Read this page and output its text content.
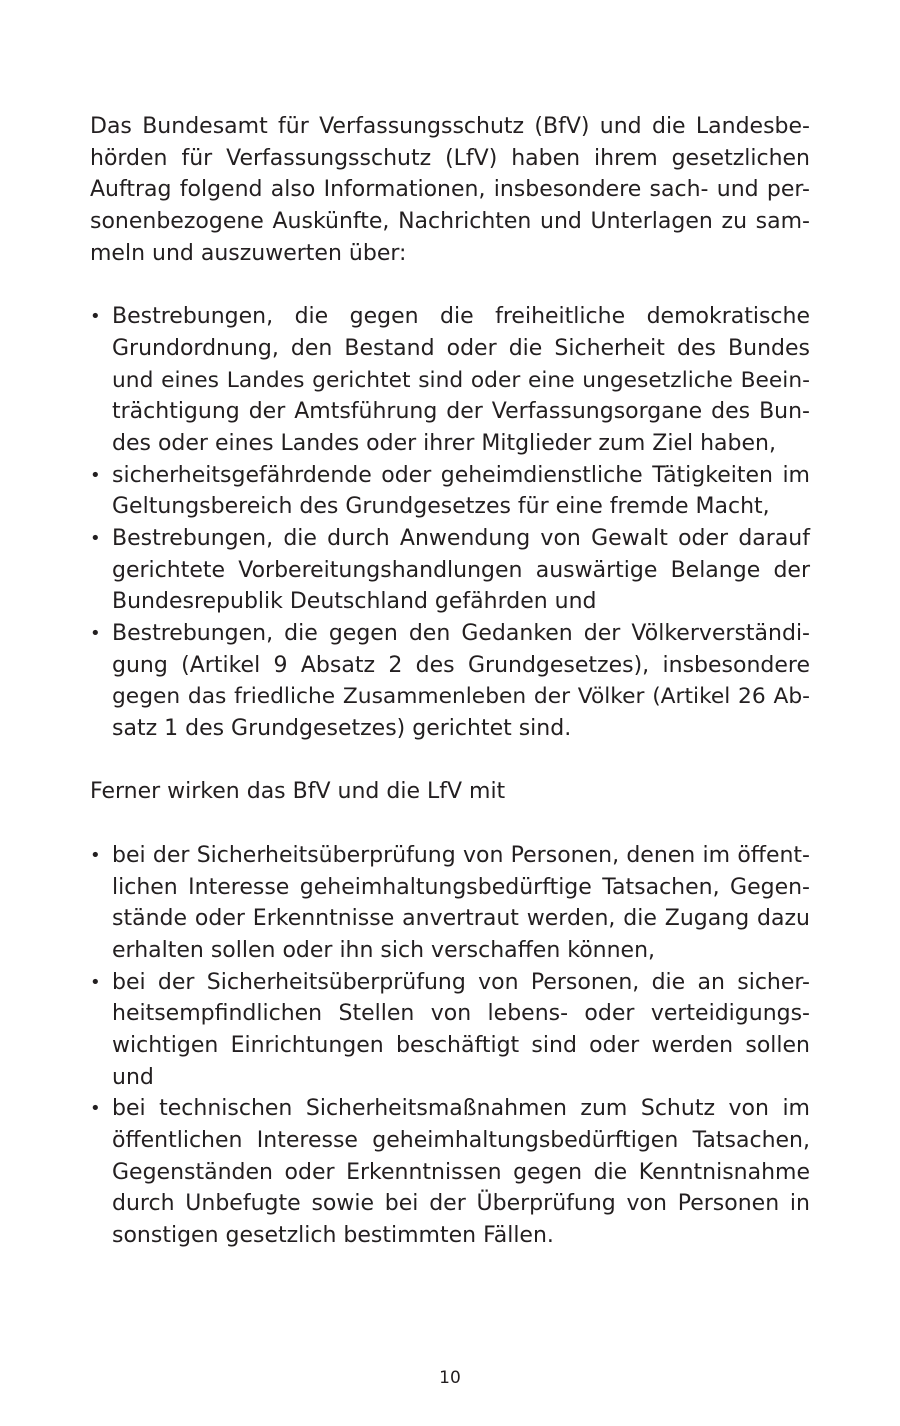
Das Bundesamt für Verfassungsschutz (BfV) und die Landesbe-
hörden für Verfassungsschutz (LfV) haben ihrem gesetzlichen
Auftrag folgend also Informationen, insbesondere sach- und per-
sonenbezogene Auskünfte, Nachrichten und Unterlagen zu sam-
meln und auszuwerten über:
• Bestrebungen, die gegen die freiheitliche demokratische
Grundordnung, den Bestand oder die Sicherheit des Bundes
und eines Landes gerichtet sind oder eine ungesetzliche Beein-
trächtigung der Amtsführung der Verfassungsorgane des Bun-
des oder eines Landes oder ihrer Mitglieder zum Ziel haben,
• sicherheitsgefährdende oder geheimdienstliche Tätigkeiten im
Geltungsbereich des Grundgesetzes für eine fremde Macht,
• Bestrebungen, die durch Anwendung von Gewalt oder darauf
gerichtete Vorbereitungshandlungen auswärtige Belange der
Bundesrepublik Deutschland gefährden und
• Bestrebungen, die gegen den Gedanken der Völkerverständi-
gung (Artikel 9 Absatz 2 des Grundgesetzes), insbesondere
gegen das friedliche Zusammenleben der Völker (Artikel 26 Ab-
satz 1 des Grundgesetzes) gerichtet sind.
Ferner wirken das BfV und die LfV mit
• bei der Sicherheitsüberprüfung von Personen, denen im öffent-
lichen Interesse geheimhaltungsbedürftige Tatsachen, Gegen-
stände oder Erkenntnisse anvertraut werden, die Zugang dazu
erhalten sollen oder ihn sich verschaffen können,
• bei der Sicherheitsüberprüfung von Personen, die an sicher-
heitsempfindlichen Stellen von lebens- oder verteidigungs-
wichtigen Einrichtungen beschäftigt sind oder werden sollen
und
• bei technischen Sicherheitsmaßnahmen zum Schutz von im
öffentlichen Interesse geheimhaltungsbedürftigen Tatsachen,
Gegenständen oder Erkenntnissen gegen die Kenntnisnahme
durch Unbefugte sowie bei der Überprüfung von Personen in
sonstigen gesetzlich bestimmten Fällen.
10
